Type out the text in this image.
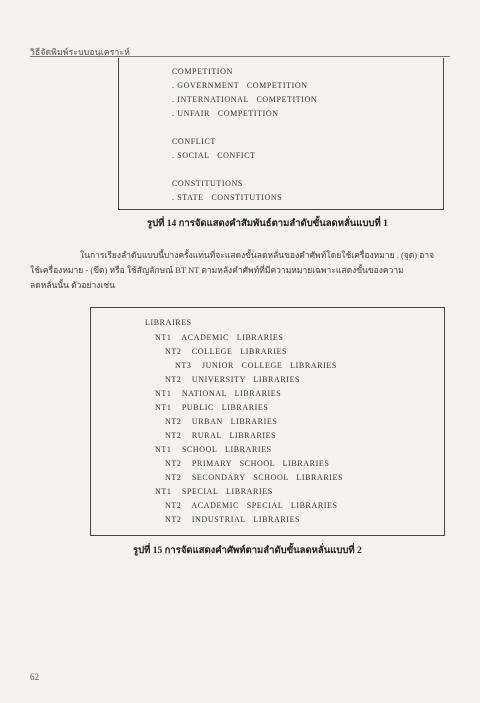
วิธีจัดพิมพ์ระบบอนุเคราะห์
COMPETITION
. GOVERNMENT   COMPETITION
. INTERNATIONAL   COMPETITION
. UNFAIR   COMPETITION
CONFLICT
. SOCIAL   CONFICT
CONSTITUTIONS
. STATE   CONSTITUTIONS
รูปที่ 14 การจัดแสดงคำสัมพันธ์ตามลำดับขั้นลดหลั่นแบบที่ 1
ในการเรียงลำดับแบบนี้บางครั้งแทนที่จะแสดงขั้นลดหลั่นของคำศัพท์โดยใช้เครื่องหมาย . (จุด) อาจ
ใช้เครื่องหมาย - (ขีด) หรือ ใช้สัญลักษณ์ BT NT ตามหลังคำศัพท์ที่มีความหมายเฉพาะแสดงขั้นของความ
ลดหลั่นนั้น ตัวอย่างเช่น
LIBRAIRES
NT1    ACADEMIC   LIBRARIES
NT2    COLLEGE   LIBRARIES
NT3    JUNIOR   COLLEGE   LIBRARIES
NT2    UNIVERSITY   LIBRARIES
NT1    NATIONAL   LIBRARIES
NT1    PUBLIC   LIBRARIES
NT2    URBAN   LIBRARIES
NT2    RURAL   LIBRARIES
NT1    SCHOOL   LIBRARIES
NT2    PRIMARY   SCHOOL   LIBRARIES
NT2    SECONDARY   SCHOOL   LIBRARIES
NT1    SPECIAL   LIBRARIES
NT2    ACADEMIC   SPECIAL   LIBRARIES
NT2    INDUSTRIAL   LIBRARIES
รูปที่ 15 การจัดแสดงคำศัพท์ตามลำดับขั้นลดหลั่นแบบที่ 2
62
